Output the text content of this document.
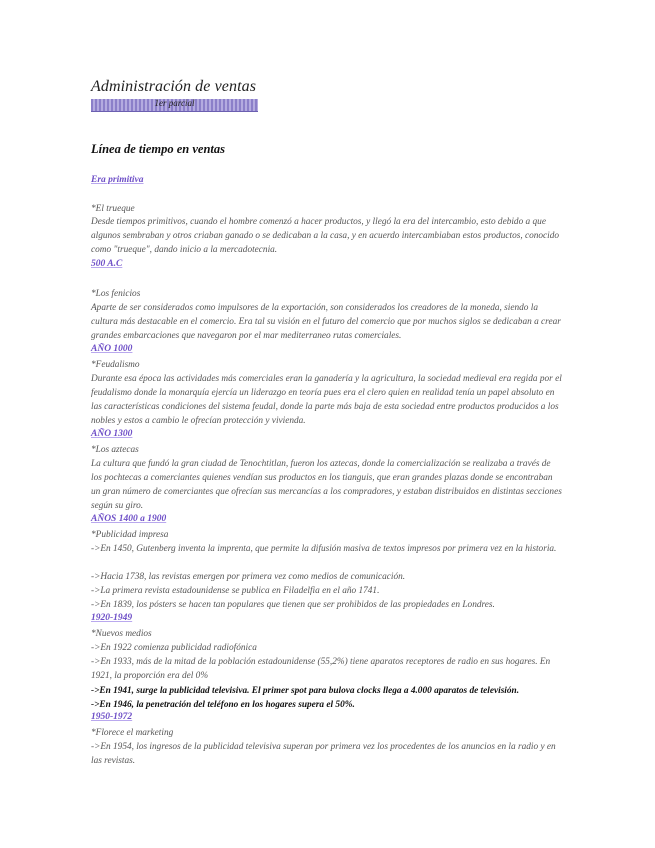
Administración de ventas
1er parcial
Línea de tiempo en ventas
Era primitiva
*El trueque
Desde tiempos primitivos, cuando el hombre comenzó a hacer productos, y llegó la era del intercambio, esto debido a que algunos sembraban y otros criaban ganado o se dedicaban a la casa, y en acuerdo intercambiaban estos productos, conocido como "trueque", dando inicio a la mercadotecnia.
500 A.C
*Los fenicios
Aparte de ser considerados como impulsores de la exportación, son considerados los creadores de la moneda, siendo la cultura más destacable en el comercio. Era tal su visión en el futuro del comercio que por muchos siglos se dedicaban a crear grandes embarcaciones que navegaron por el mar mediterraneo rutas comerciales.
AÑO 1000
*Feudalismo
Durante esa época las actividades más comerciales eran la ganadería y la agricultura, la sociedad medieval era regida por el feudalismo donde la monarquía ejercía un liderazgo en teoría pues era el clero quien en realidad tenía un papel absoluto en las características condiciones del sistema feudal, donde la parte más baja de esta sociedad entre productos producidos a los nobles y estos a cambio le ofrecían protección y vivienda.
AÑO 1300
*Los aztecas
La cultura que fundó la gran ciudad de Tenochtitlan, fueron los aztecas, donde la comercialización se realizaba a través de los pochtecas a comerciantes quienes vendían sus productos en los tianguis, que eran grandes plazas donde se encontraban un gran número de comerciantes que ofrecían sus mercancías a los compradores, y estaban distribuidos en distintas secciones según su giro.
AÑOS 1400 a 1900
*Publicidad impresa
->En 1450, Gutenberg inventa la imprenta, que permite la difusión masiva de textos impresos por primera vez en la historia.
->Hacia 1738, las revistas emergen por primera vez como medios de comunicación.
->La primera revista estadounidense se publica en Filadelfia en el año 1741.
->En 1839, los pósters se hacen tan populares que tienen que ser prohibidos de las propiedades en Londres.
1920-1949
*Nuevos medios
->En 1922 comienza publicidad radiofónica
->En 1933, más de la mitad de la población estadounidense (55,2%) tiene aparatos receptores de radio en sus hogares. En 1921, la proporción era del 0%
->En 1941, surge la publicidad televisiva. El primer spot para bulova clocks llega a 4.000 aparatos de televisión.
->En 1946, la penetración del teléfono en los hogares supera el 50%.
1950-1972
*Florece el marketing
->En 1954, los ingresos de la publicidad televisiva superan por primera vez los procedentes de los anuncios en la radio y en las revistas.
